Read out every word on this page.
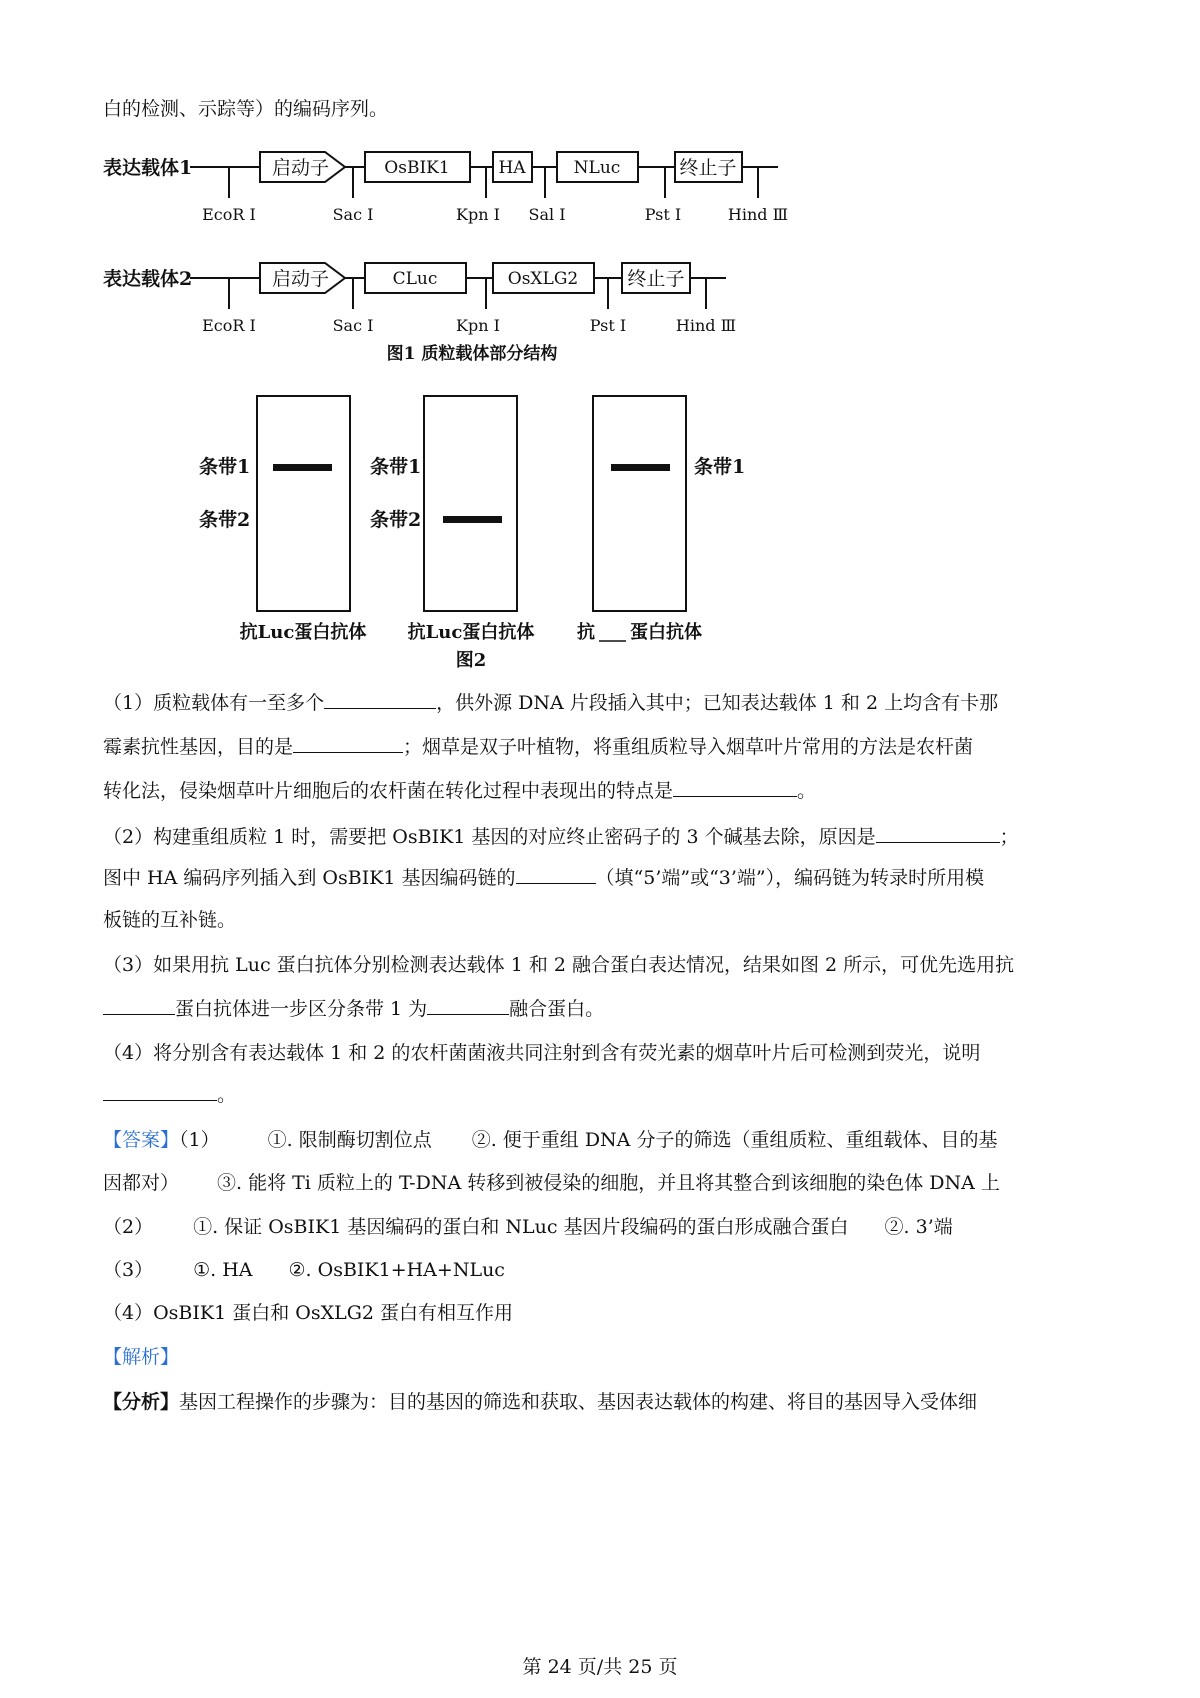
白的检测、示踪等）的编码序列。
表达载体1	启动子	OsBIK1	HA	NLuc	终止子
EcoR Ⅰ	Sac Ⅰ	Kpn Ⅰ Sal Ⅰ	Pst Ⅰ	Hind Ⅲ
表达载体2	启动子	CLuc	OsXLG2	终止子
EcoR Ⅰ	Sac Ⅰ	Kpn Ⅰ	Pst Ⅰ	Hind Ⅲ
图1 质粒载体部分结构
条带1
条带2
条带1
条带2
条带1
抗Luc蛋白抗体 抗Luc蛋白抗体 抗 蛋白抗体
图2
（1）质粒载体有一至多个	，供外源 DNA 片段插入其中；已知表达载体 1 和 2 上均含有卡那
霉素抗性基因，目的是	；烟草是双子叶植物，将重组质粒导入烟草叶片常用的方法是农杆菌
转化法，侵染烟草叶片细胞后的农杆菌在转化过程中表现出的特点是	。
（2）构建重组质粒 1 时，需要把 OsBIK1 基因的对应终止密码子的 3 个碱基去除，原因是	；
图中 HA 编码序列插入到 OsBIK1 基因编码链的	（填“5’端”或“3’端”），编码链为转录时所用模
板链的互补链。
（3）如果用抗 Luc 蛋白抗体分别检测表达载体 1 和 2 融合蛋白表达情况，结果如图 2 所示，可优先选用抗
蛋白抗体进一步区分条带 1 为	融合蛋白。
（4）将分别含有表达载体 1 和 2 的农杆菌菌液共同注射到含有荧光素的烟草叶片后可检测到荧光，说明
。
【答案】（1）	①. 限制酶切割位点 ②. 便于重组 DNA 分子的筛选（重组质粒、重组载体、目的基
因都对） ③. 能将 Ti 质粒上的 T-DNA 转移到被侵染的细胞，并且将其整合到该细胞的染色体 DNA 上
（2） ①. 保证 OsBIK1 基因编码的蛋白和 NLuc 基因片段编码的蛋白形成融合蛋白 ②. 3’端
（3） ①. HA ②. OsBIK1+HA+NLuc
（4）OsBIK1 蛋白和 OsXLG2 蛋白有相互作用
【解析】
【分析】基因工程操作的步骤为：目的基因的筛选和获取、基因表达载体的构建、将目的基因导入受体细
第 24 页/共 25 页
